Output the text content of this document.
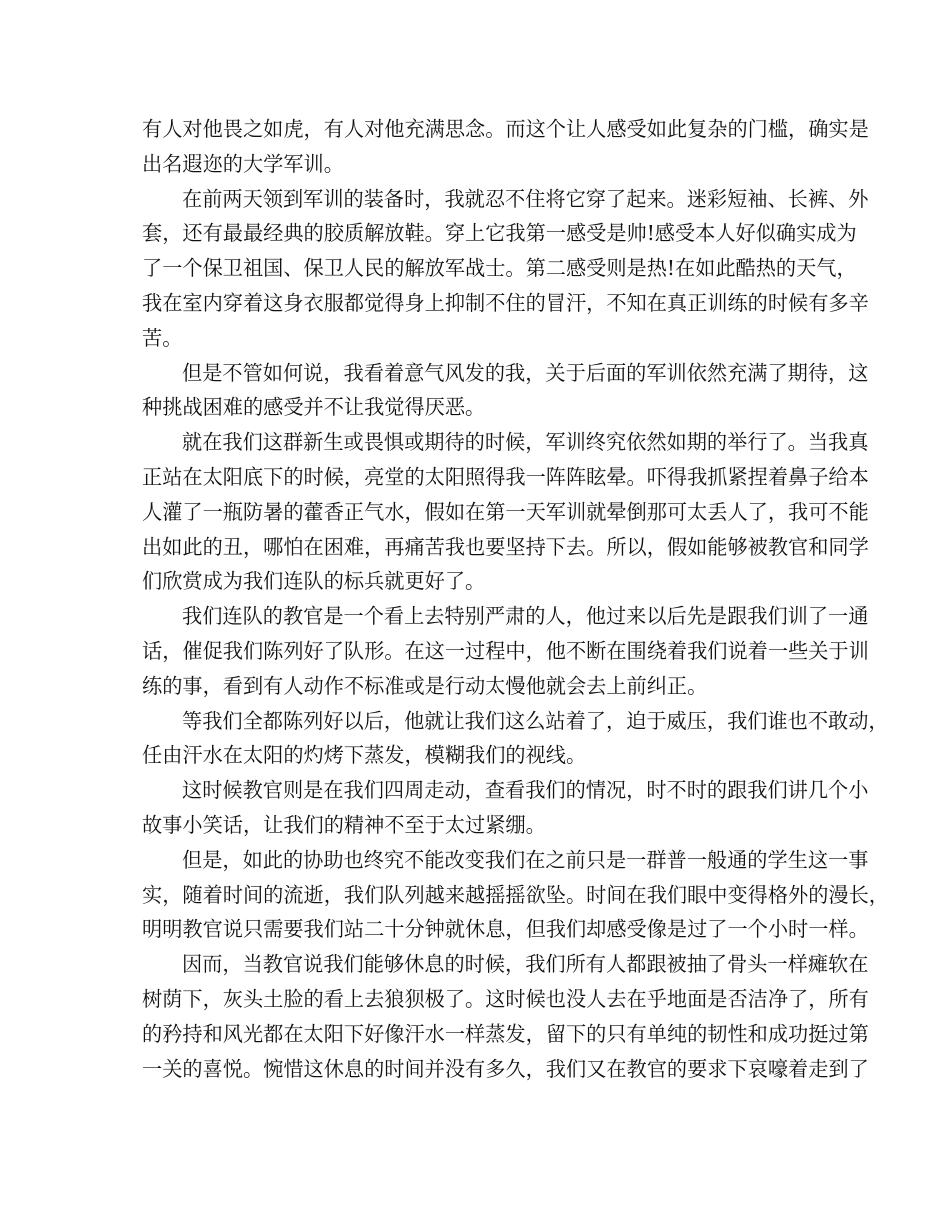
有人对他畏之如虎，有人对他充满思念。而这个让人感受如此复杂的门槛，确实是
出名遐迩的大学军训。
在前两天领到军训的装备时，我就忍不住将它穿了起来。迷彩短袖、长裤、外
套，还有最最经典的胶质解放鞋。穿上它我第一感受是帅!感受本人好似确实成为
了一个保卫祖国、保卫人民的解放军战士。第二感受则是热!在如此酷热的天气，
我在室内穿着这身衣服都觉得身上抑制不住的冒汗，不知在真正训练的时候有多辛
苦。
但是不管如何说，我看着意气风发的我，关于后面的军训依然充满了期待，这
种挑战困难的感受并不让我觉得厌恶。
就在我们这群新生或畏惧或期待的时候，军训终究依然如期的举行了。当我真
正站在太阳底下的时候，亮堂的太阳照得我一阵阵眩晕。吓得我抓紧捏着鼻子给本
人灌了一瓶防暑的藿香正气水，假如在第一天军训就晕倒那可太丢人了，我可不能
出如此的丑，哪怕在困难，再痛苦我也要坚持下去。所以，假如能够被教官和同学
们欣赏成为我们连队的标兵就更好了。
我们连队的教官是一个看上去特别严肃的人，他过来以后先是跟我们训了一通
话，催促我们陈列好了队形。在这一过程中，他不断在围绕着我们说着一些关于训
练的事，看到有人动作不标准或是行动太慢他就会去上前纠正。
等我们全都陈列好以后，他就让我们这么站着了，迫于威压，我们谁也不敢动，
任由汗水在太阳的灼烤下蒸发，模糊我们的视线。
这时候教官则是在我们四周走动，查看我们的情况，时不时的跟我们讲几个小
故事小笑话，让我们的精神不至于太过紧绷。
但是，如此的协助也终究不能改变我们在之前只是一群普一般通的学生这一事
实，随着时间的流逝，我们队列越来越摇摇欲坠。时间在我们眼中变得格外的漫长，
明明教官说只需要我们站二十分钟就休息，但我们却感受像是过了一个小时一样。
因而，当教官说我们能够休息的时候，我们所有人都跟被抽了骨头一样瘫软在
树荫下，灰头土脸的看上去狼狈极了。这时候也没人去在乎地面是否洁净了，所有
的矜持和风光都在太阳下好像汗水一样蒸发，留下的只有单纯的韧性和成功挺过第
一关的喜悦。惋惜这休息的时间并没有多久，我们又在教官的要求下哀嚎着走到了
